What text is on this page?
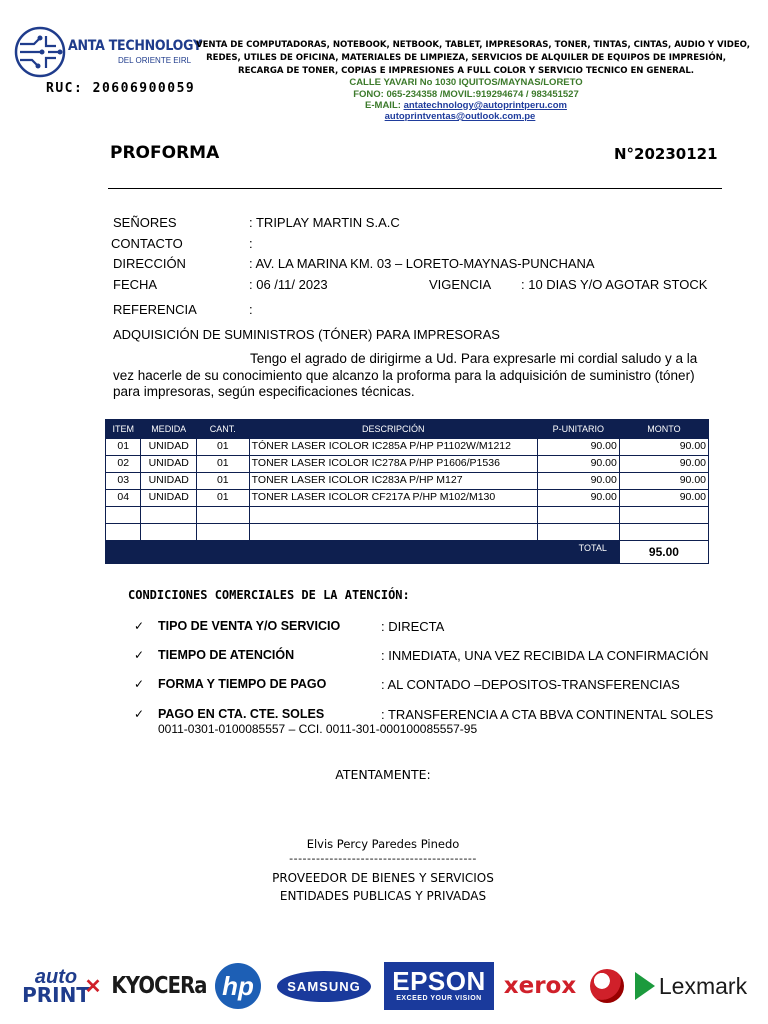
ANTA TECHNOLOGY
DEL ORIENTE EIRL
RUC: 20606900059
VENTA DE COMPUTADORAS, NOTEBOOK, NETBOOK, TABLET, IMPRESORAS, TONER, TINTAS, CINTAS, AUDIO Y VIDEO,
REDES, UTILES DE OFICINA, MATERIALES DE LIMPIEZA, SERVICIOS DE ALQUILER DE EQUIPOS DE IMPRESIÓN,
RECARGA DE TONER, COPIAS E IMPRESIONES A FULL COLOR Y SERVICIO TECNICO EN GENERAL.
CALLE YAVARI No 1030 IQUITOS/MAYNAS/LORETO
FONO: 065-234358 /MOVIL:919294674 / 983451527
E-MAIL: antatechnology@autoprintperu.com
autoprintventas@outlook.com.pe
PROFORMA	N°20230121
SEÑORES	: TRIPLAY MARTIN S.A.C
CONTACTO	:
DIRECCIÓN	: AV. LA MARINA KM. 03 – LORETO-MAYNAS-PUNCHANA
FECHA	: 06 /11/ 2023	VIGENCIA : 10 DIAS Y/O AGOTAR STOCK
REFERENCIA	:
ADQUISICIÓN DE SUMINISTROS (TÓNER) PARA IMPRESORAS
Tengo el agrado de dirigirme a Ud. Para expresarle mi cordial saludo y a la vez hacerle de su conocimiento que alcanzo la proforma para la adquisición de suministro (tóner) para impresoras, según especificaciones técnicas.
ITEM	MEDIDA	CANT.	DESCRIPCIÓN	P-UNITARIO	MONTO
01	UNIDAD	01	TÓNER LASER ICOLOR IC285A P/HP P1102W/M1212	90.00	90.00
02	UNIDAD	01	TONER LASER ICOLOR IC278A P/HP P1606/P1536	90.00	90.00
03	UNIDAD	01	TONER LASER ICOLOR IC283A P/HP M127	90.00	90.00
04	UNIDAD	01	TONER LASER ICOLOR CF217A P/HP M102/M130	90.00	90.00

TOTAL					95.00
CONDICIONES COMERCIALES DE LA ATENCIÓN:
✓ TIPO DE VENTA Y/O SERVICIO	: DIRECTA
✓ TIEMPO DE ATENCIÓN	: INMEDIATA, UNA VEZ RECIBIDA LA CONFIRMACIÓN
✓ FORMA Y TIEMPO DE PAGO	: AL CONTADO –DEPOSITOS-TRANSFERENCIAS
✓ PAGO EN CTA. CTE. SOLES	: TRANSFERENCIA A CTA BBVA CONTINENTAL SOLES
0011-0301-0100085557 – CCI. 0011-301-000100085557-95
ATENTAMENTE:
Elvis Percy Paredes Pinedo
------------------------------------------
PROVEEDOR DE BIENES Y SERVICIOS
ENTIDADES PUBLICAS Y PRIVADAS
auto
PRINT
✕ KYOCERa hp	SAMSUNG	EPSON
EXCEED YOUR VISION xerox	Lexmark
